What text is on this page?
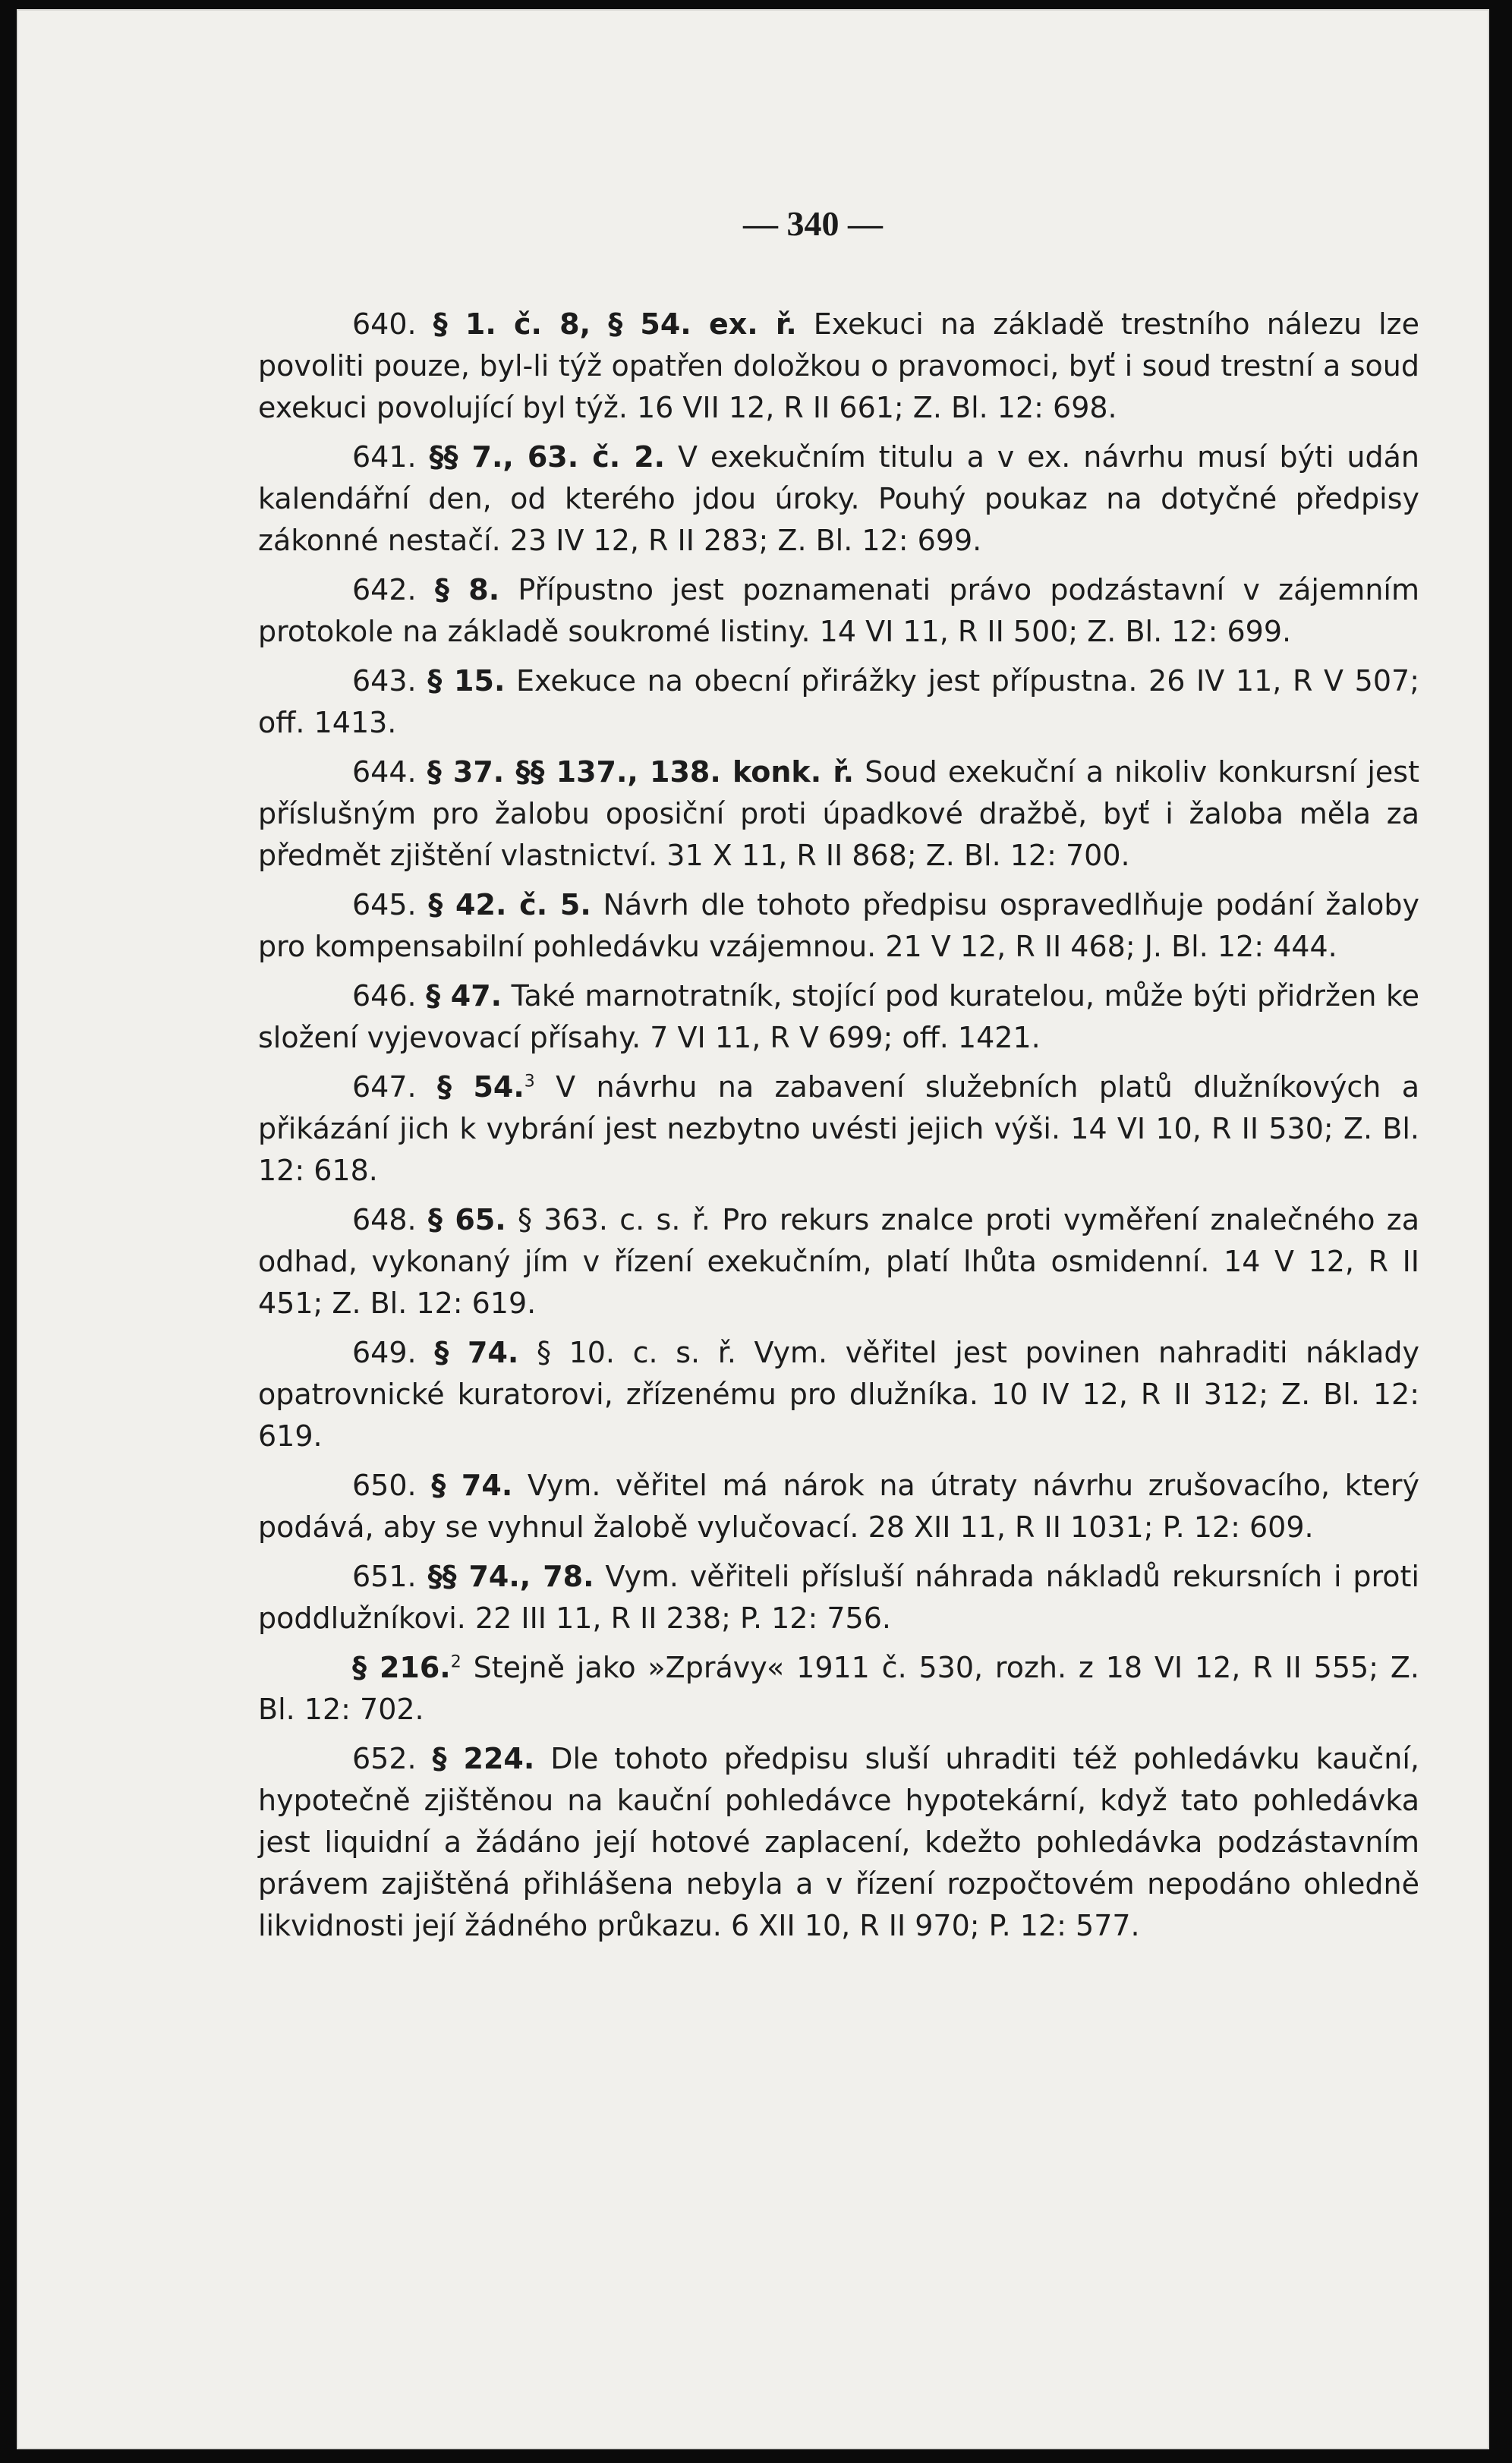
— 340 —

640. § 1. č. 8, § 54. ex. ř. Exekuci na základě trestního nálezu lze povoliti pouze, byl-li týž opatřen doložkou o pravomoci, byť i soud trestní a soud exekuci povolující byl týž. 16 VII 12, R II 661; Z. Bl. 12: 698.

641. §§ 7., 63. č. 2. V exekučním titulu a v ex. návrhu musí býti udán kalendářní den, od kterého jdou úroky. Pouhý poukaz na dotyčné předpisy zákonné nestačí. 23 IV 12, R II 283; Z. Bl. 12: 699.

642. § 8. Přípustno jest poznamenati právo podzástavní v zájemním protokole na základě soukromé listiny. 14 VI 11, R II 500; Z. Bl. 12: 699.

643. § 15. Exekuce na obecní přirážky jest přípustna. 26 IV 11, R V 507; off. 1413.

644. § 37. §§ 137., 138. konk. ř. Soud exekuční a nikoliv konkursní jest příslušným pro žalobu oposiční proti úpadkové dražbě, byť i žaloba měla za předmět zjištění vlastnictví. 31 X 11, R II 868; Z. Bl. 12: 700.

645. § 42. č. 5. Návrh dle tohoto předpisu ospravedlňuje podání žaloby pro kompensabilní pohledávku vzájemnou. 21 V 12, R II 468; J. Bl. 12: 444.

646. § 47. Také marnotratník, stojící pod kuratelou, může býti přidržen ke složení vyjevovací přísahy. 7 VI 11, R V 699; off. 1421.

647. § 54.$^3$ V návrhu na zabavení služebních platů dlužníkových a přikázání jich k vybrání jest nezbytno uvésti jejich výši. 14 VI 10, R II 530; Z. Bl. 12: 618.

648. § 65. § 363. c. s. ř. Pro rekurs znalce proti vyměření znalečného za odhad, vykonaný jím v řízení exekučním, platí lhůta osmidenní. 14 V 12, R II 451; Z. Bl. 12: 619.

649. § 74. § 10. c. s. ř. Vym. věřitel jest povinen nahraditi náklady opatrovnické kuratorovi, zřízenému pro dlužníka. 10 IV 12, R II 312; Z. Bl. 12: 619.

650. § 74. Vym. věřitel má nárok na útraty návrhu zrušovacího, který podává, aby se vyhnul žalobě vylučovací. 28 XII 11, R II 1031; P. 12: 609.

651. §§ 74., 78. Vym. věřiteli přísluší náhrada nákladů rekursních i proti poddlužníkovi. 22 III 11, R II 238; P. 12: 756.

§ 216.$^2$ Stejně jako »Zprávy« 1911 č. 530, rozh. z 18 VI 12, R II 555; Z. Bl. 12: 702.

652. § 224. Dle tohoto předpisu sluší uhraditi též pohledávku kauční, hypotečně zjištěnou na kauční pohledávce hypotekární, když tato pohledávka jest liquidní a žádáno její hotové zaplacení, kdežto pohledávka podzástavním právem zajištěná přihlášena nebyla a v řízení rozpočtovém nepodáno ohledně likvidnosti její žádného průkazu. 6 XII 10, R II 970; P. 12: 577.
